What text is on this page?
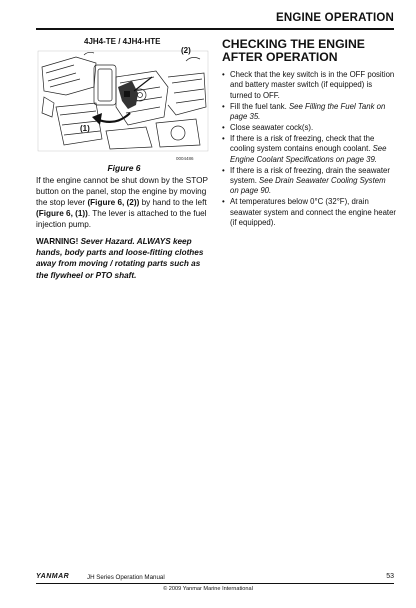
ENGINE OPERATION
4JH4-TE / 4JH4-HTE
(2)
(1)
0004486
Figure 6
If the engine cannot be shut down by the STOP button on the panel, stop the engine by moving the stop lever (Figure 6, (2)) by hand to the left (Figure 6, (1)). The lever is attached to the fuel injection pump.
WARNING! Sever Hazard. ALWAYS keep hands, body parts and loose-fitting clothes away from moving / rotating parts such as the flywheel or PTO shaft.
CHECKING THE ENGINE AFTER OPERATION
• Check that the key switch is in the OFF position and battery master switch (if equipped) is turned to OFF.
• Fill the fuel tank. See Filling the Fuel Tank on page 35.
• Close seawater cock(s).
• If there is a risk of freezing, check that the cooling system contains enough coolant. See Engine Coolant Specifications on page 39.
• If there is a risk of freezing, drain the seawater system. See Drain Seawater Cooling System on page 90.
• At temperatures below 0°C (32°F), drain seawater system and connect the engine heater (if equipped).
YANMAR	JH Series Operation Manual	53
© 2009 Yanmar Marine International
